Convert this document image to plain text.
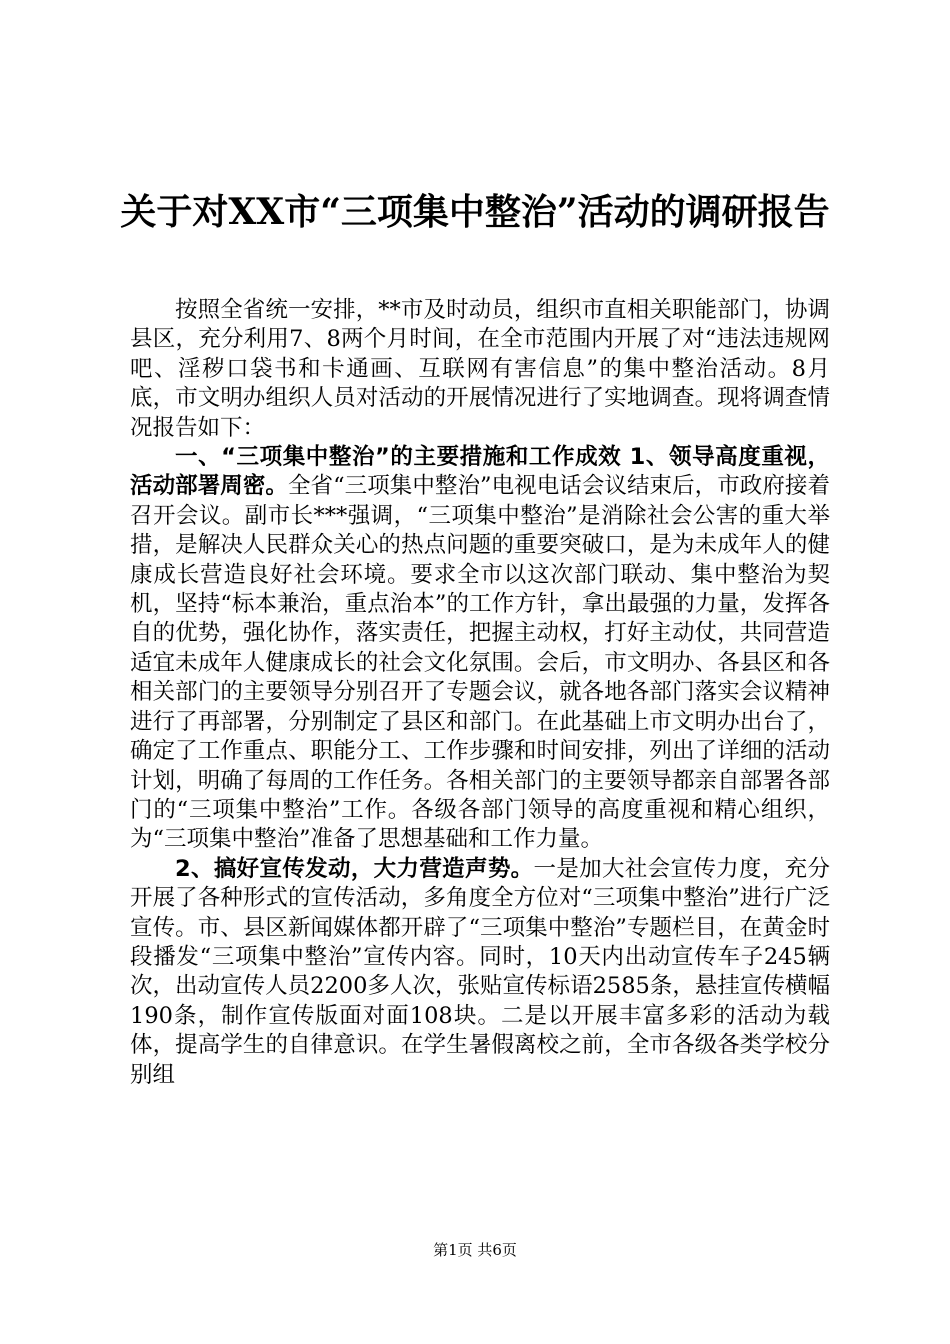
关于对XX市“三项集中整治”活动的调研报告

按照全省统一安排，**市及时动员，组织市直相关职能部门，协调县区，充分利用7、8两个月时间，在全市范围内开展了对“违法违规网吧、淫秽口袋书和卡通画、互联网有害信息”的集中整治活动。8月底，市文明办组织人员对活动的开展情况进行了实地调查。现将调查情况报告如下：

一、“三项集中整治”的主要措施和工作成效 1、领导高度重视，活动部署周密。全省“三项集中整治”电视电话会议结束后，市政府接着召开会议。副市长***强调，“三项集中整治”是消除社会公害的重大举措，是解决人民群众关心的热点问题的重要突破口，是为未成年人的健康成长营造良好社会环境。要求全市以这次部门联动、集中整治为契机，坚持“标本兼治，重点治本”的工作方针，拿出最强的力量，发挥各自的优势，强化协作，落实责任，把握主动权，打好主动仗，共同营造适宜未成年人健康成长的社会文化氛围。会后，市文明办、各县区和各相关部门的主要领导分别召开了专题会议，就各地各部门落实会议精神进行了再部署，分别制定了县区和部门。在此基础上市文明办出台了，确定了工作重点、职能分工、工作步骤和时间安排，列出了详细的活动计划，明确了每周的工作任务。各相关部门的主要领导都亲自部署各部门的“三项集中整治”工作。各级各部门领导的高度重视和精心组织，为“三项集中整治”准备了思想基础和工作力量。

2、搞好宣传发动，大力营造声势。一是加大社会宣传力度，充分开展了各种形式的宣传活动，多角度全方位对“三项集中整治”进行广泛宣传。市、县区新闻媒体都开辟了“三项集中整治”专题栏目，在黄金时段播发“三项集中整治”宣传内容。同时，10天内出动宣传车子245辆次，出动宣传人员2200多人次，张贴宣传标语2585条，悬挂宣传横幅190条，制作宣传版面对面108块。二是以开展丰富多彩的活动为载体，提高学生的自律意识。在学生暑假离校之前，全市各级各类学校分别组

第1页 共6页
